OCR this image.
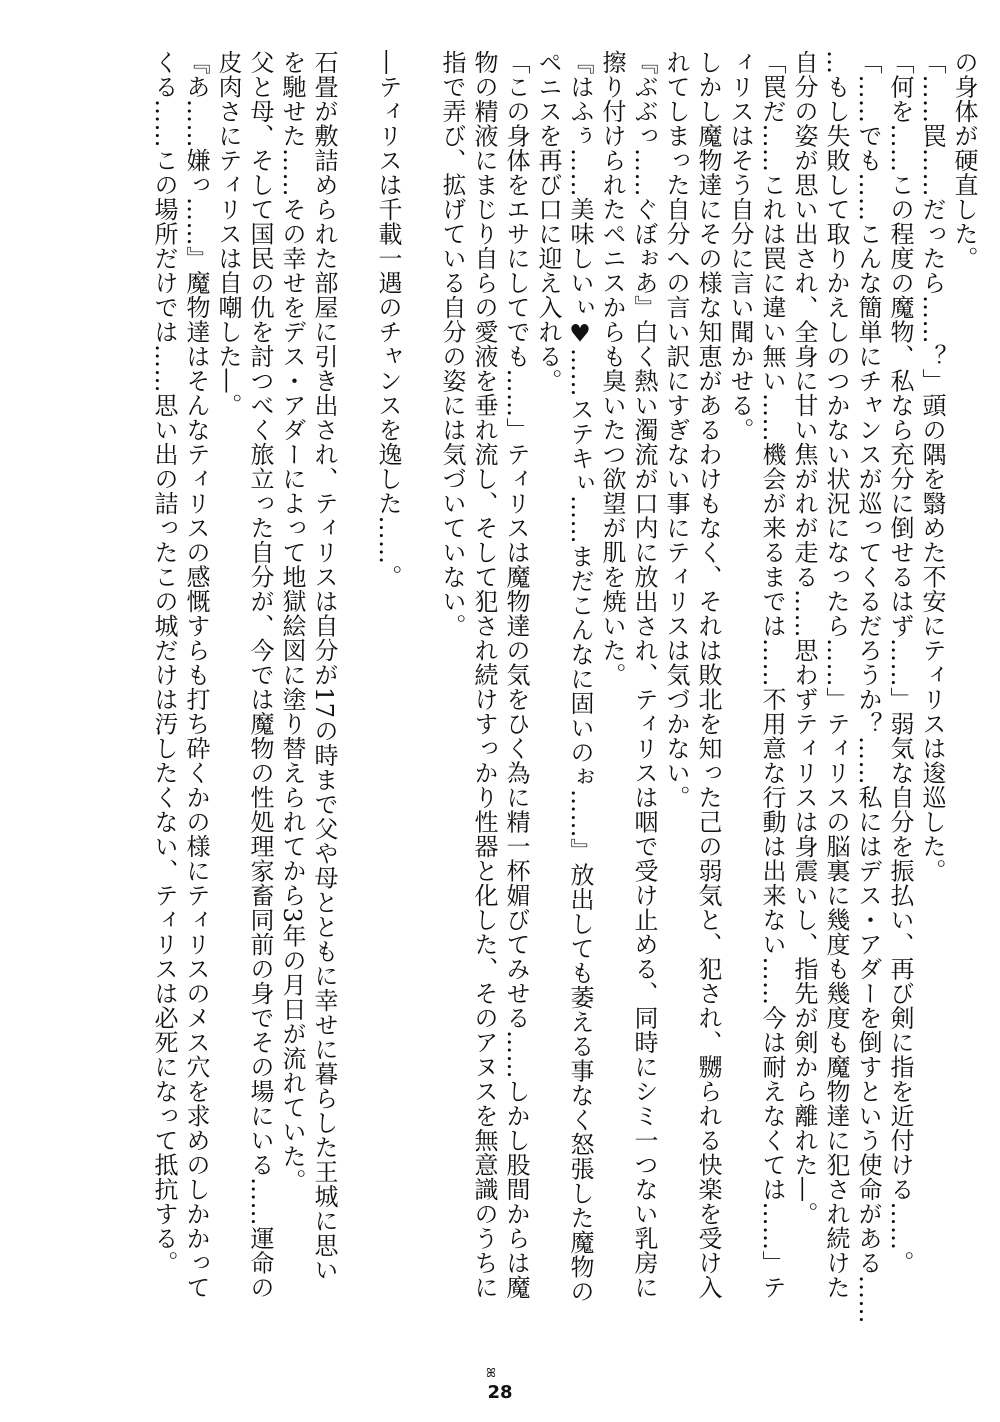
の身体が硬直した。
「……罠……だったら……？」頭の隅を翳めた不安にティリスは逡巡した。
「何を……この程度の魔物、私なら充分に倒せるはず……」弱気な自分を振払い、再び剣に指を近付ける……。
「……でも……こんな簡単にチャンスが巡ってくるだろうか？……私にはデス・アダーを倒すという使命がある……
…もし失敗して取りかえしのつかない状況になったら……」ティリスの脳裏に幾度も幾度も魔物達に犯され続けた
自分の姿が思い出され、全身に甘い焦がれが走る……思わずティリスは身震いし、指先が剣から離れた―。
「罠だ……これは罠に違い無い……機会が来るまでは……不用意な行動は出来ない……今は耐えなくては……」テ
ィリスはそう自分に言い聞かせる。
しかし魔物達にその様な知恵があるわけもなく、それは敗北を知った己の弱気と、犯され、嬲られる快楽を受け入
れてしまった自分への言い訳にすぎない事にティリスは気づかない。
『ぶぶっ……ぐぼぉあ』白く熱い濁流が口内に放出され、ティリスは咽で受け止める、同時にシミ一つない乳房に
擦り付けられたペニスからも臭いたつ欲望が肌を焼いた。
『はふぅ……美味しいぃ♥……ステキぃ……まだこんなに固いのぉ……』放出しても萎える事なく怒張した魔物の
ペニスを再び口に迎え入れる。
「この身体をエサにしてでも……」ティリスは魔物達の気をひく為に精一杯媚びてみせる……しかし股間からは魔
物の精液にまじり自らの愛液を垂れ流し、そして犯され続けすっかり性器と化した、そのアヌスを無意識のうちに
指で弄び、拡げている自分の姿には気づいていない。
―ティリスは千載一遇のチャンスを逸した……。
石畳が敷詰められた部屋に引き出され、ティリスは自分が17の時まで父や母とともに幸せに暮らした王城に思い
を馳せた……その幸せをデス・アダーによって地獄絵図に塗り替えられてから3年の月日が流れていた。
父と母、そして国民の仇を討つべく旅立った自分が、今では魔物の性処理家畜同前の身でその場にいる……運命の
皮肉さにティリスは自嘲した―。
『あ……嫌っ……』魔物達はそんなティリスの感慨すらも打ち砕くかの様にティリスのメス穴を求めのしかかって
くる……この場所だけでは……思い出の詰ったこの城だけは汚したくない、ティリスは必死になって抵抗する。
ꕤ
28
